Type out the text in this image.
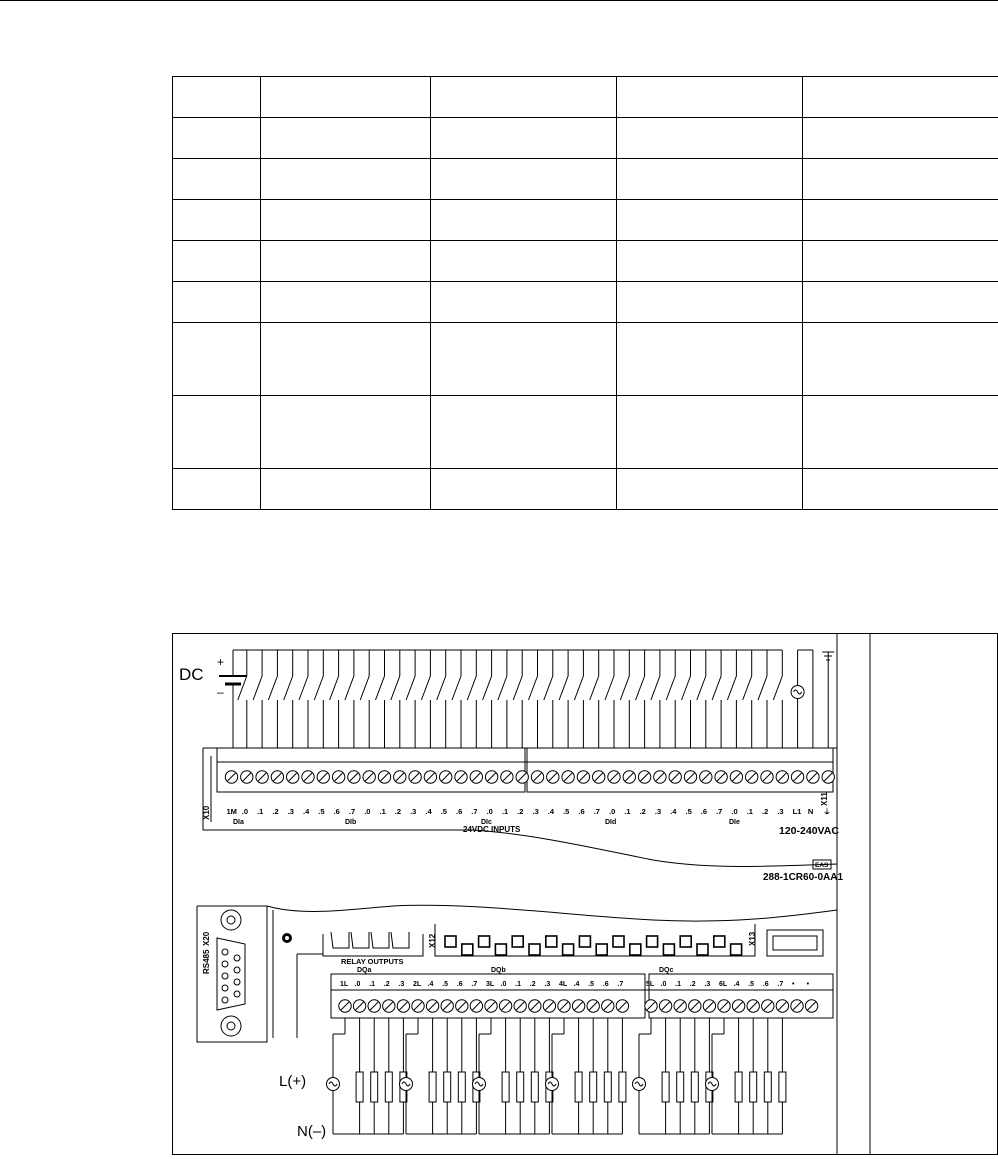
DC
+
–
X10
X11
1M .0 .1 .2 .3 .4 .5 .6 .7 .0 .1 .2 .3 .4 .5 .6 .7 .0 .1 .2 .3 .4 .5 .6 .7 .0 .1 .2 .3 .4 .5 .6 .7 .0 .1 .2 .3 L1 N ⏚
DIa	DIb	DIc	DId	DIe
24VDC INPUTS	120-240VAC
EAS
288-1CR60-0AA1
RS485
X20	X12	X13
RELAY OUTPUTS
DQa	DQb	DQc
1L .0 .1 .2 .3 2L .4 .5 .6 .7 3L .0 .1 .2 .3 4L .4 .5 .6 .7	5L .0 .1 .2 .3 6L .4 .5 .6 .7 • •
L(+)
N(–)
